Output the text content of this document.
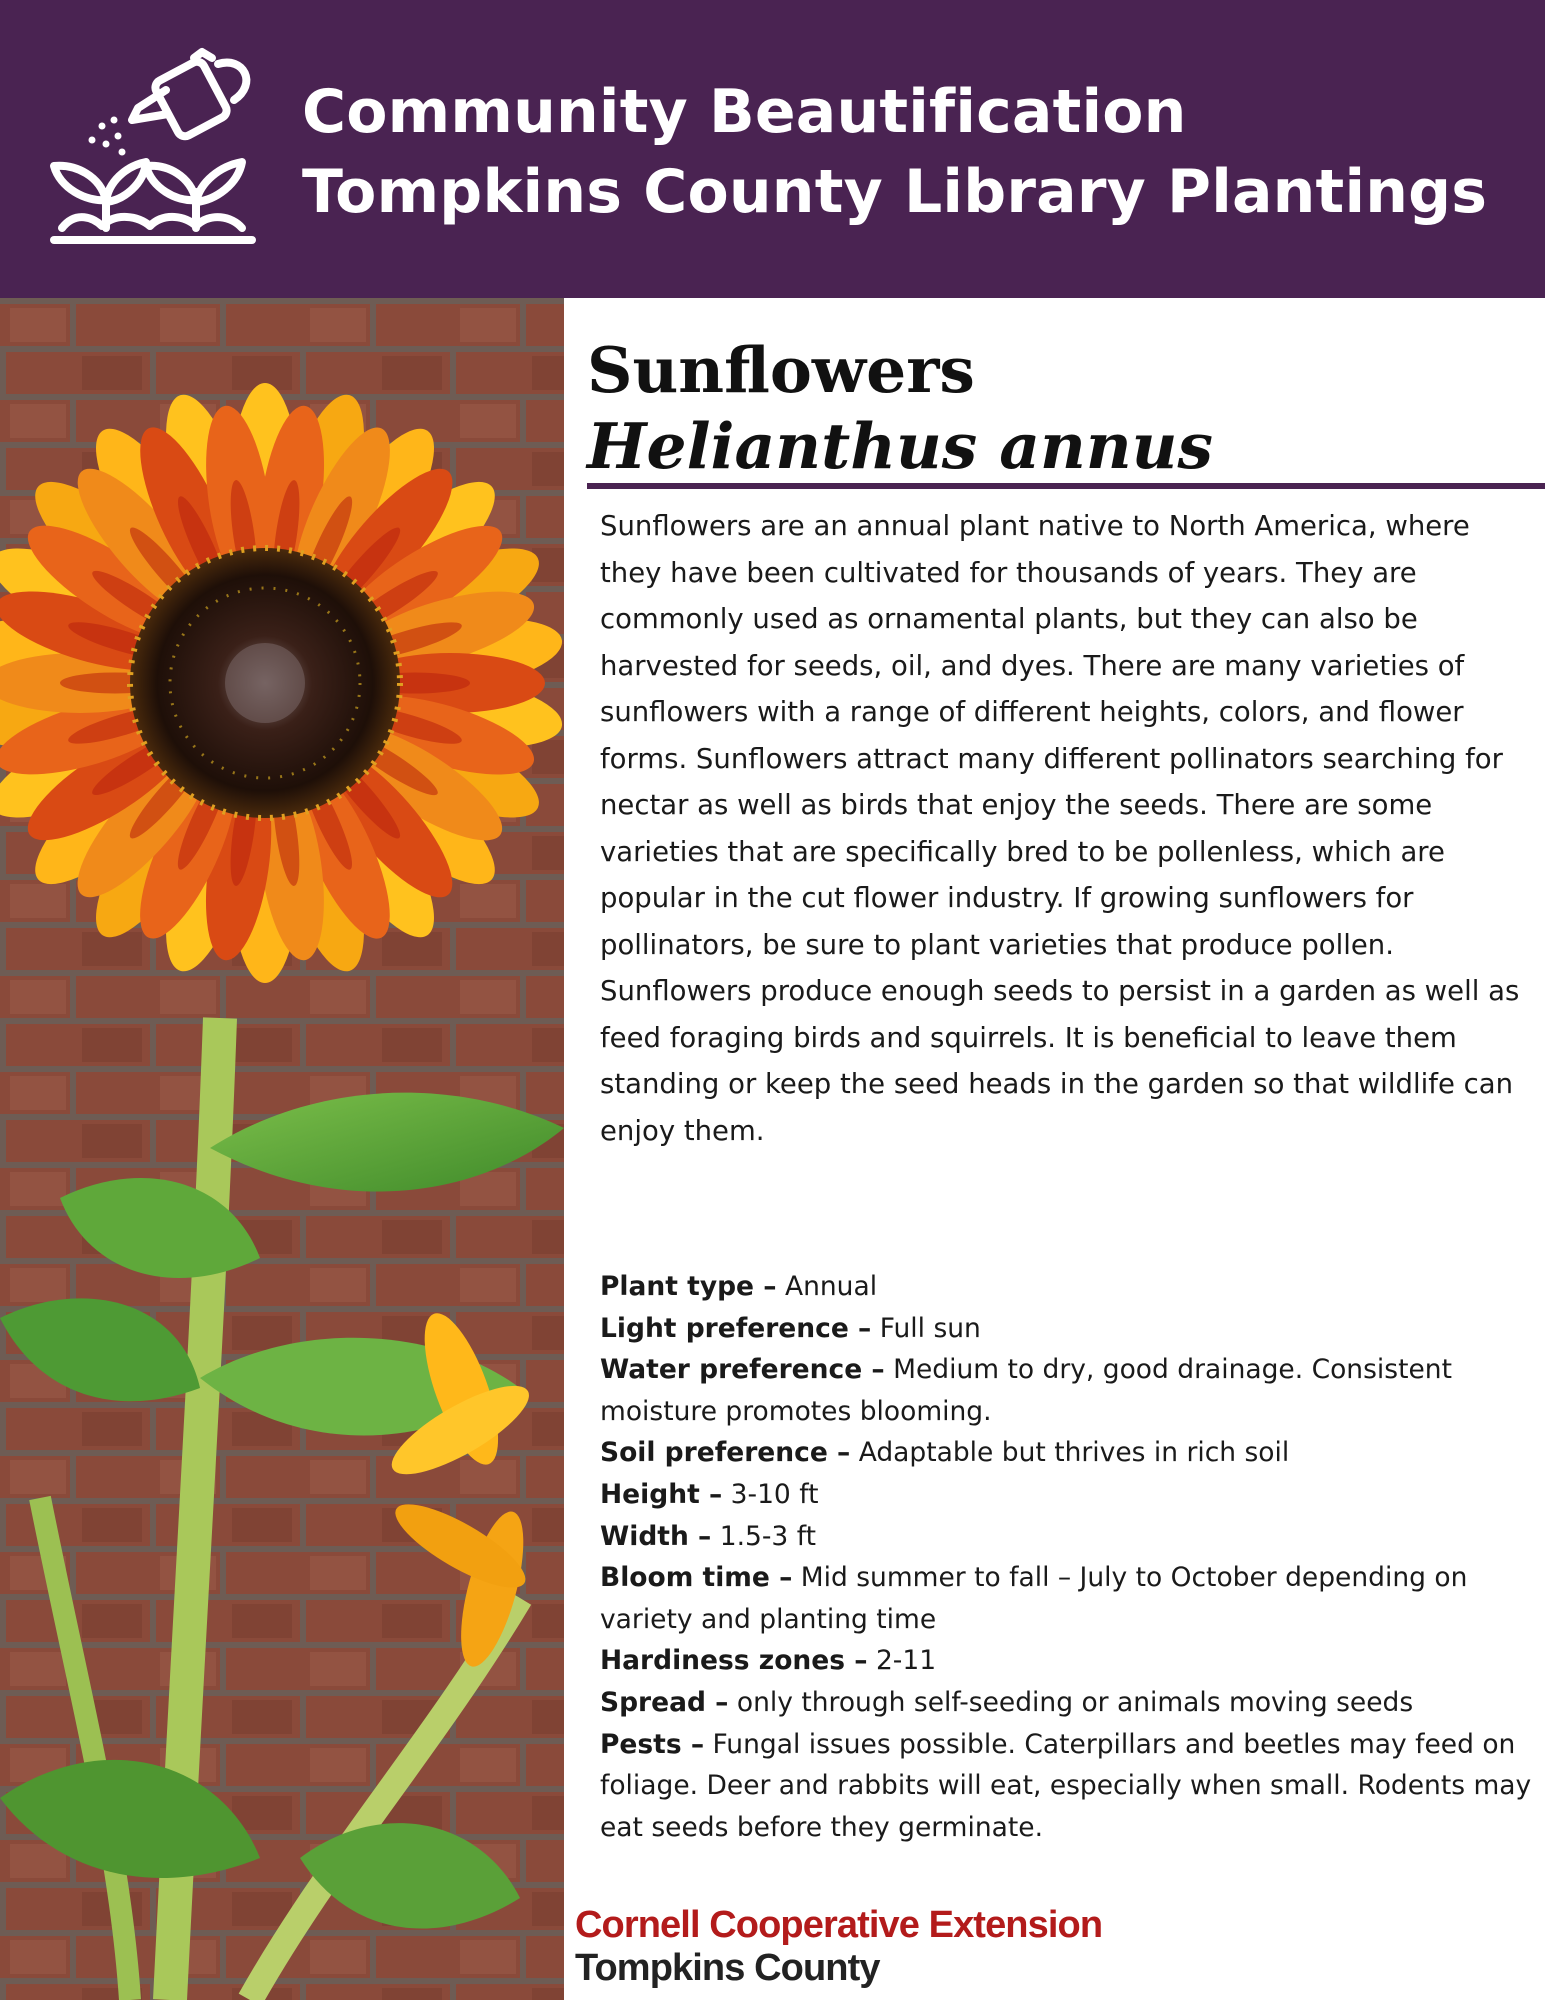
Community Beautification
Tompkins County Library Plantings
Sunflowers
Helianthus annus

Sunflowers are an annual plant native to North America, where they have been cultivated for thousands of years. They are commonly used as ornamental plants, but they can also be harvested for seeds, oil, and dyes. There are many varieties of sunflowers with a range of different heights, colors, and flower forms. Sunflowers attract many different pollinators searching for nectar as well as birds that enjoy the seeds. There are some varieties that are specifically bred to be pollenless, which are popular in the cut flower industry. If growing sunflowers for pollinators, be sure to plant varieties that produce pollen. Sunflowers produce enough seeds to persist in a garden as well as feed foraging birds and squirrels. It is beneficial to leave them standing or keep the seed heads in the garden so that wildlife can enjoy them.

Plant type – Annual
Light preference – Full sun
Water preference – Medium to dry, good drainage. Consistent moisture promotes blooming.
Soil preference – Adaptable but thrives in rich soil
Height – 3-10 ft
Width – 1.5-3 ft
Bloom time – Mid summer to fall – July to October depending on variety and planting time
Hardiness zones – 2-11
Spread – only through self-seeding or animals moving seeds
Pests – Fungal issues possible. Caterpillars and beetles may feed on foliage. Deer and rabbits will eat, especially when small. Rodents may eat seeds before they germinate.
Cornell Cooperative Extension
Tompkins County
